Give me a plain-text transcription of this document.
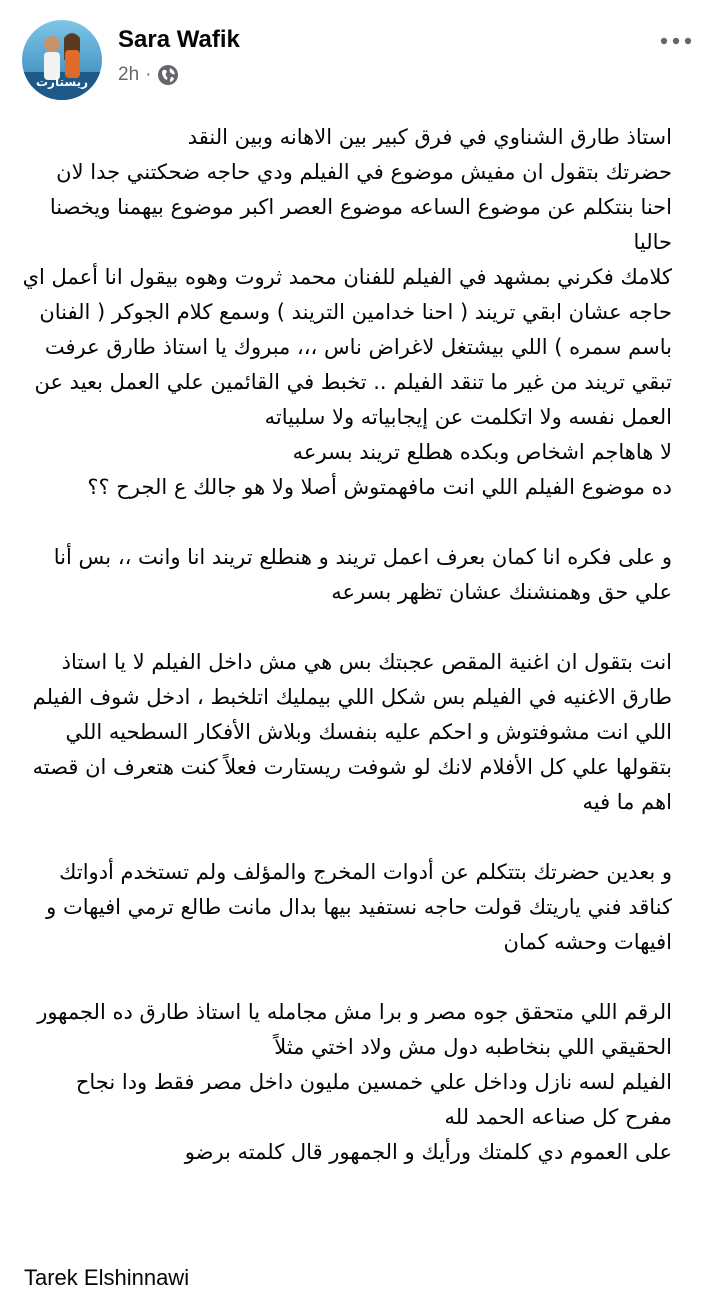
ريستارت
Sara Wafik
2h ·
استاذ طارق الشناوي في فرق كبير بين الاهانه وبين النقد
حضرتك بتقول ان مفيش موضوع في الفيلم ودي حاجه ضحكتني جدا لان
احنا بنتكلم عن موضوع الساعه موضوع العصر اكبر موضوع بيهمنا ويخصنا
حاليا
كلامك فكرني بمشهد في الفيلم للفنان محمد ثروت وهوه بيقول انا أعمل اي
حاجه عشان ابقي تريند ( احنا خدامين التريند ) وسمع كلام الجوكر ( الفنان
باسم سمره ) اللي بيشتغل لاغراض ناس ،،، مبروك يا استاذ طارق عرفت
تبقي تريند من غير ما تنقد الفيلم .. تخبط في القائمين علي العمل بعيد عن
العمل نفسه ولا اتكلمت عن إيجابياته ولا سلبياته
لا هاهاجم اشخاص وبكده هطلع تريند بسرعه
ده موضوع الفيلم اللي انت مافهمتوش أصلا ولا هو جالك ع الجرح ؟؟
و على فكره انا كمان بعرف اعمل تريند و هنطلع تريند انا وانت ،، بس أنا
علي حق وهمنشنك عشان تظهر بسرعه
انت بتقول ان اغنية المقص عجبتك بس هي مش داخل الفيلم لا يا استاذ
طارق الاغنيه في الفيلم بس شكل اللي بيمليك اتلخبط ، ادخل شوف الفيلم
اللي انت مشوفتوش و احكم عليه بنفسك وبلاش الأفكار السطحيه اللي
بتقولها علي كل الأفلام لانك لو شوفت ريستارت فعلاً كنت هتعرف ان قصته
اهم ما فيه
و بعدين حضرتك بتتكلم عن أدوات المخرج والمؤلف ولم تستخدم أدواتك
كناقد فني ياريتك قولت حاجه نستفيد بيها بدال مانت طالع ترمي افيهات و
افيهات وحشه كمان
الرقم اللي متحقق جوه مصر و برا مش مجامله يا استاذ طارق ده الجمهور
الحقيقي اللي بنخاطبه دول مش ولاد اختي مثلاً
الفيلم لسه نازل وداخل علي خمسين مليون داخل مصر فقط ودا نجاح
مفرح كل صناعه الحمد لله
على العموم دي كلمتك ورأيك و الجمهور قال كلمته برضو
Tarek Elshinnawi
